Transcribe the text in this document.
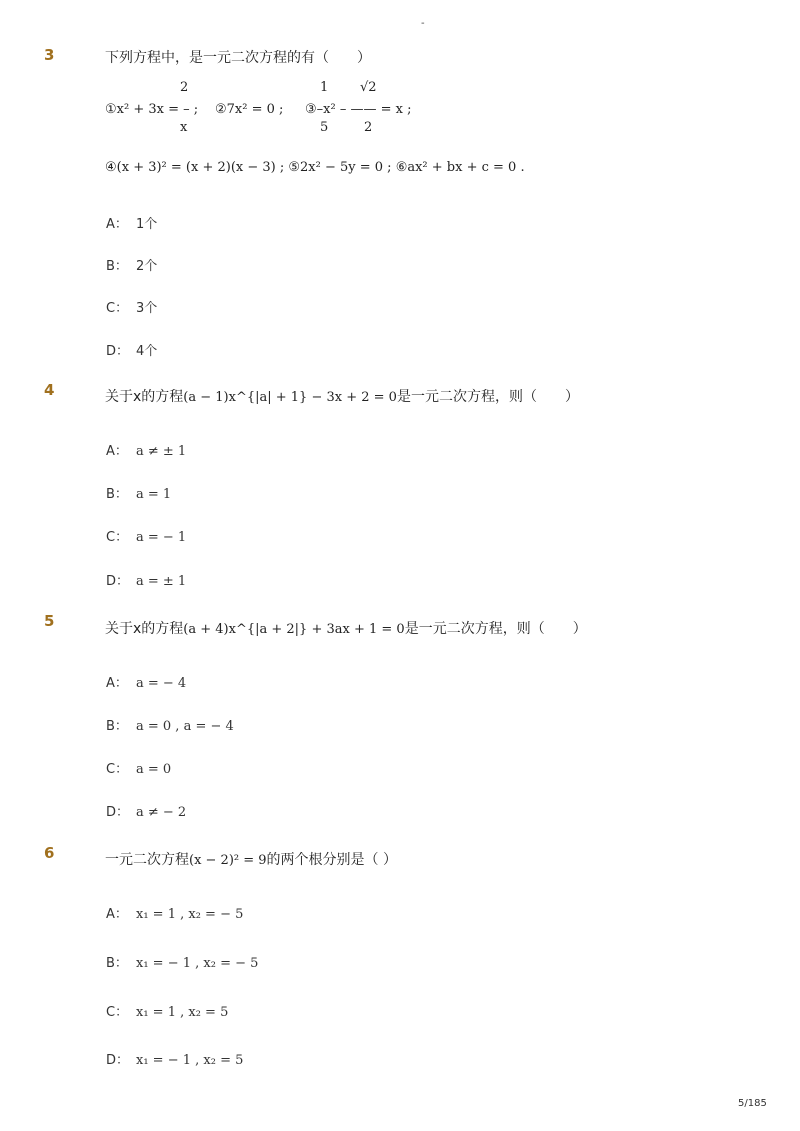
-
3	下列方程中，是一元二次方程的有（　　）
2
x
1
5
√2
2
①x² + 3x = – ; ②7x² = 0 ; ③–x² – —— = x ;
④(x + 3)² = (x + 2)(x − 3) ; ⑤2x² − 5y = 0 ; ⑥ax² + bx + c = 0 .
A： 1个
B： 2个
C： 3个
D： 4个
4	关于x的方程(a − 1)x^{|a| + 1} − 3x + 2 = 0是一元二次方程，则（　　）
A： a ≠ ± 1
B： a = 1
C： a = − 1
D： a = ± 1
5	关于x的方程(a + 4)x^{|a + 2|} + 3ax + 1 = 0是一元二次方程，则（　　）
A： a = − 4
B： a = 0 , a = − 4
C： a = 0
D： a ≠ − 2
6	一元二次方程(x − 2)² = 9的两个根分别是（ ）
A： x₁ = 1 , x₂ = − 5
B： x₁ = − 1 , x₂ = − 5
C： x₁ = 1 , x₂ = 5
D： x₁ = − 1 , x₂ = 5
5/185
